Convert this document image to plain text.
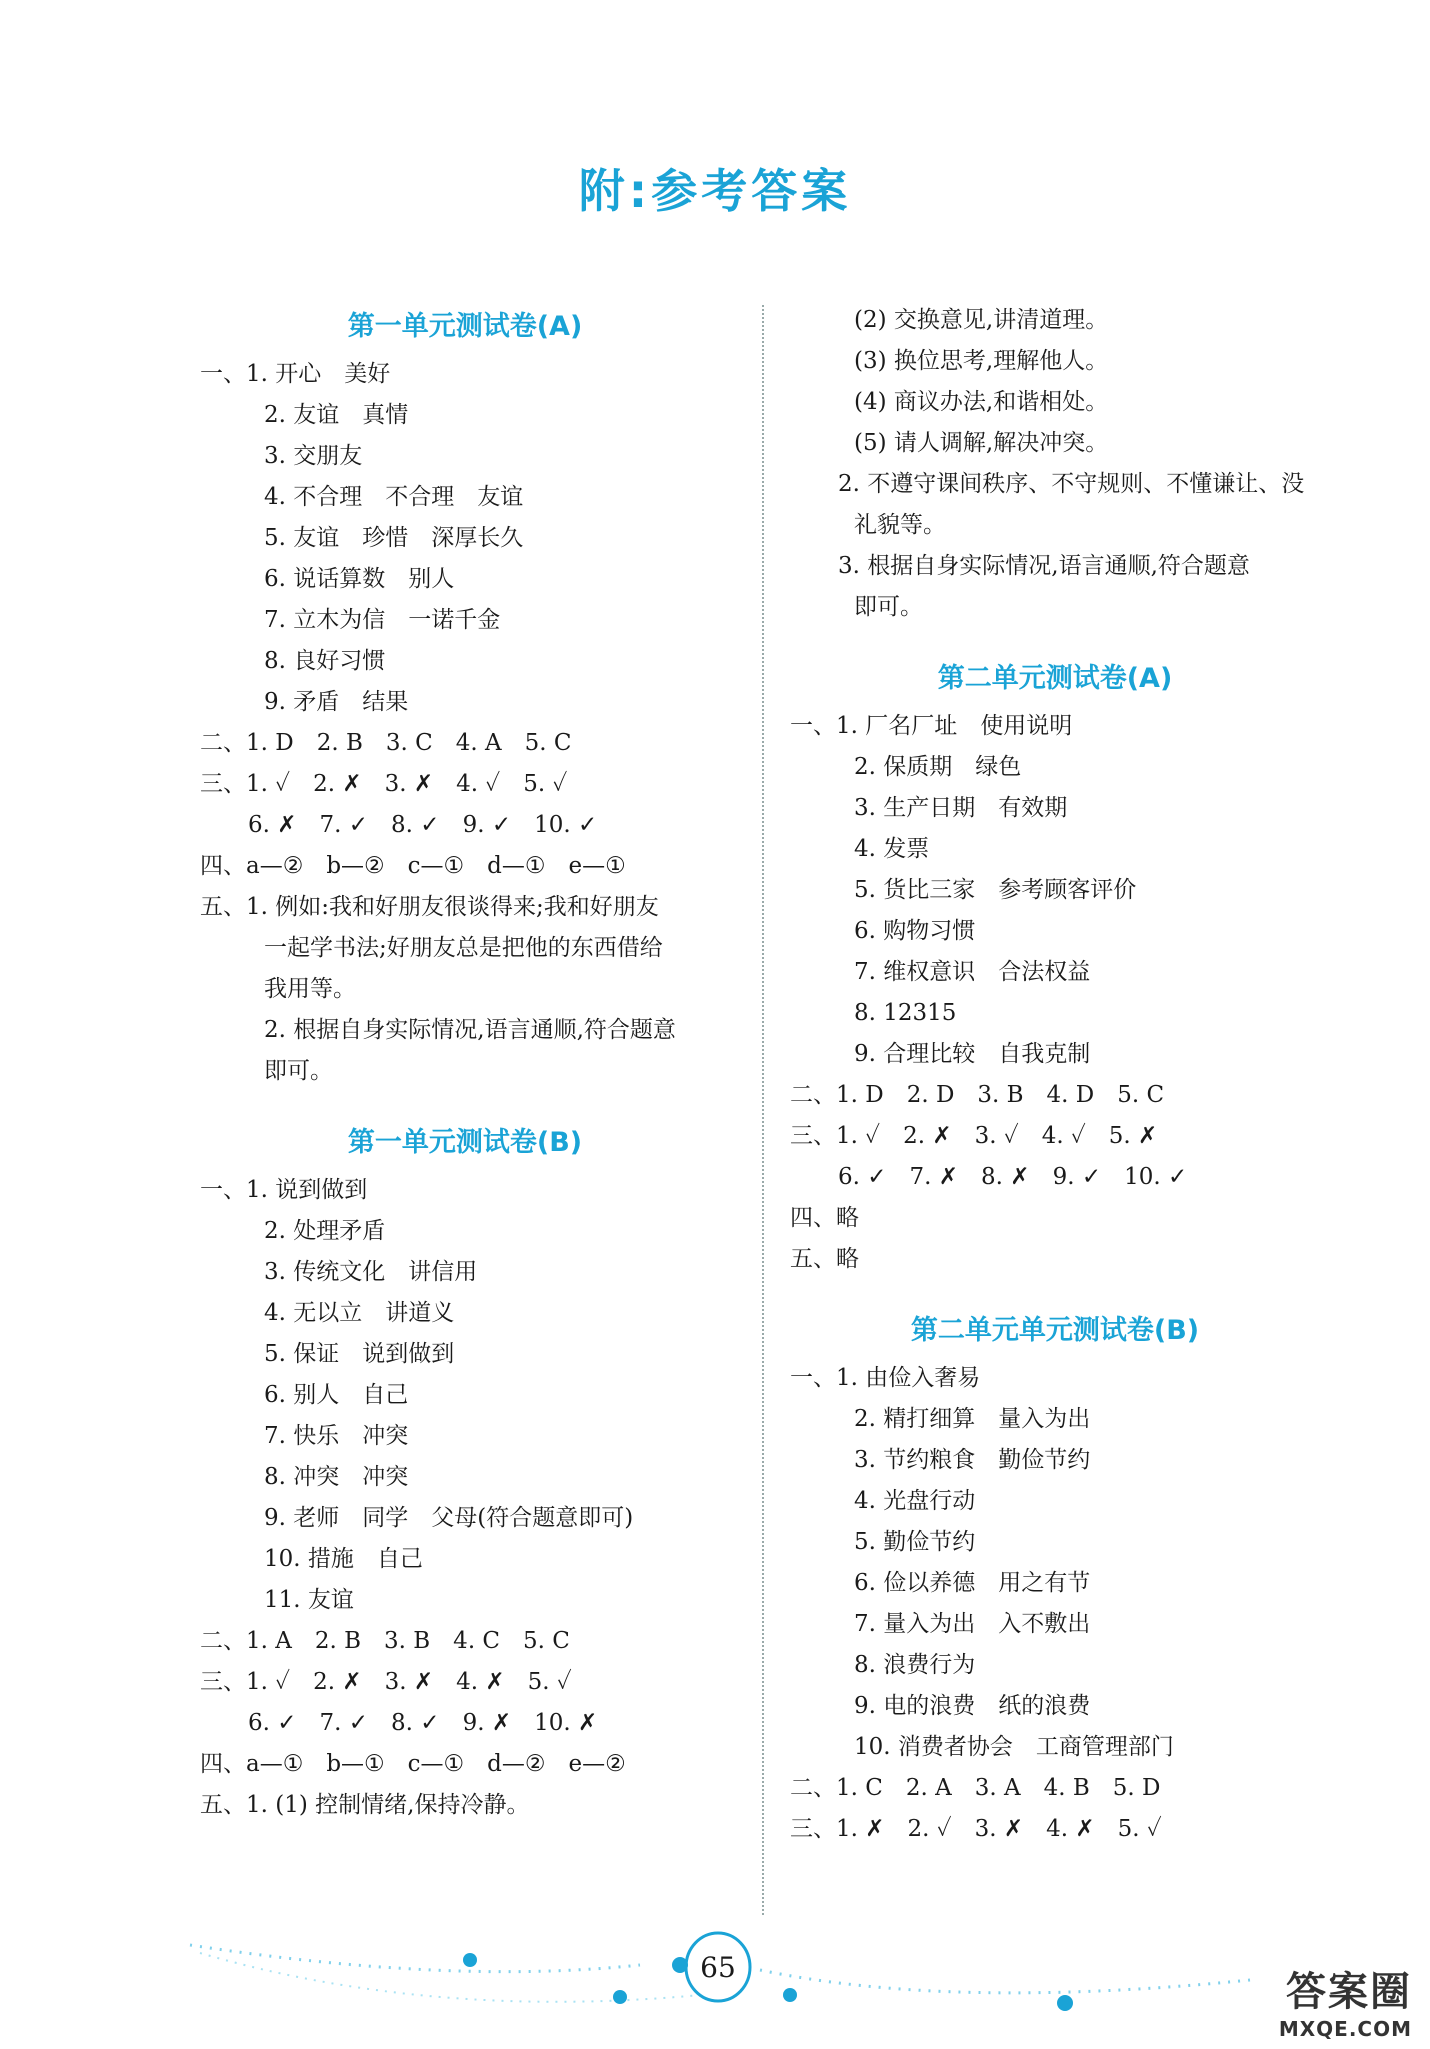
附:参考答案
第一单元测试卷(A)
一、1. 开心　美好
2. 友谊　真情
3. 交朋友
4. 不合理　不合理　友谊
5. 友谊　珍惜　深厚长久
6. 说话算数　别人
7. 立木为信　一诺千金
8. 良好习惯
9. 矛盾　结果
二、1. D　2. B　3. C　4. A　5. C
三、1. ✓　2. ✗　3. ✗　4. ✓　5. ✓
6. ✗　7. ✓　8. ✓　9. ✓　10. ✓
四、a—②　b—②　c—①　d—①　e—①
五、1. 例如:我和好朋友很谈得来;我和好朋友
一起学书法;好朋友总是把他的东西借给
我用等。
2. 根据自身实际情况,语言通顺,符合题意
即可。
第一单元测试卷(B)
一、1. 说到做到
2. 处理矛盾
3. 传统文化　讲信用
4. 无以立　讲道义
5. 保证　说到做到
6. 别人　自己
7. 快乐　冲突
8. 冲突　冲突
9. 老师　同学　父母(符合题意即可)
10. 措施　自己
11. 友谊
二、1. A　2. B　3. B　4. C　5. C
三、1. ✓　2. ✗　3. ✗　4. ✗　5. ✓
6. ✓　7. ✓　8. ✓　9. ✗　10. ✗
四、a—①　b—①　c—①　d—②　e—②
五、1. (1) 控制情绪,保持冷静。
(2) 交换意见,讲清道理。
(3) 换位思考,理解他人。
(4) 商议办法,和谐相处。
(5) 请人调解,解决冲突。
2. 不遵守课间秩序、不守规则、不懂谦让、没
礼貌等。
3. 根据自身实际情况,语言通顺,符合题意
即可。
第二单元测试卷(A)
一、1. 厂名厂址　使用说明
2. 保质期　绿色
3. 生产日期　有效期
4. 发票
5. 货比三家　参考顾客评价
6. 购物习惯
7. 维权意识　合法权益
8. 12315
9. 合理比较　自我克制
二、1. D　2. D　3. B　4. D　5. C
三、1. ✓　2. ✗　3. ✓　4. ✓　5. ✗
6. ✓　7. ✗　8. ✗　9. ✓　10. ✓
四、略
五、略
第二单元单元测试卷(B)
一、1. 由俭入奢易
2. 精打细算　量入为出
3. 节约粮食　勤俭节约
4. 光盘行动
5. 勤俭节约
6. 俭以养德　用之有节
7. 量入为出　入不敷出
8. 浪费行为
9. 电的浪费　纸的浪费
10. 消费者协会　工商管理部门
二、1. C　2. A　3. A　4. B　5. D
三、1. ✗　2. ✓　3. ✗　4. ✗　5. ✓
65
答案圈
MXQE.COM
